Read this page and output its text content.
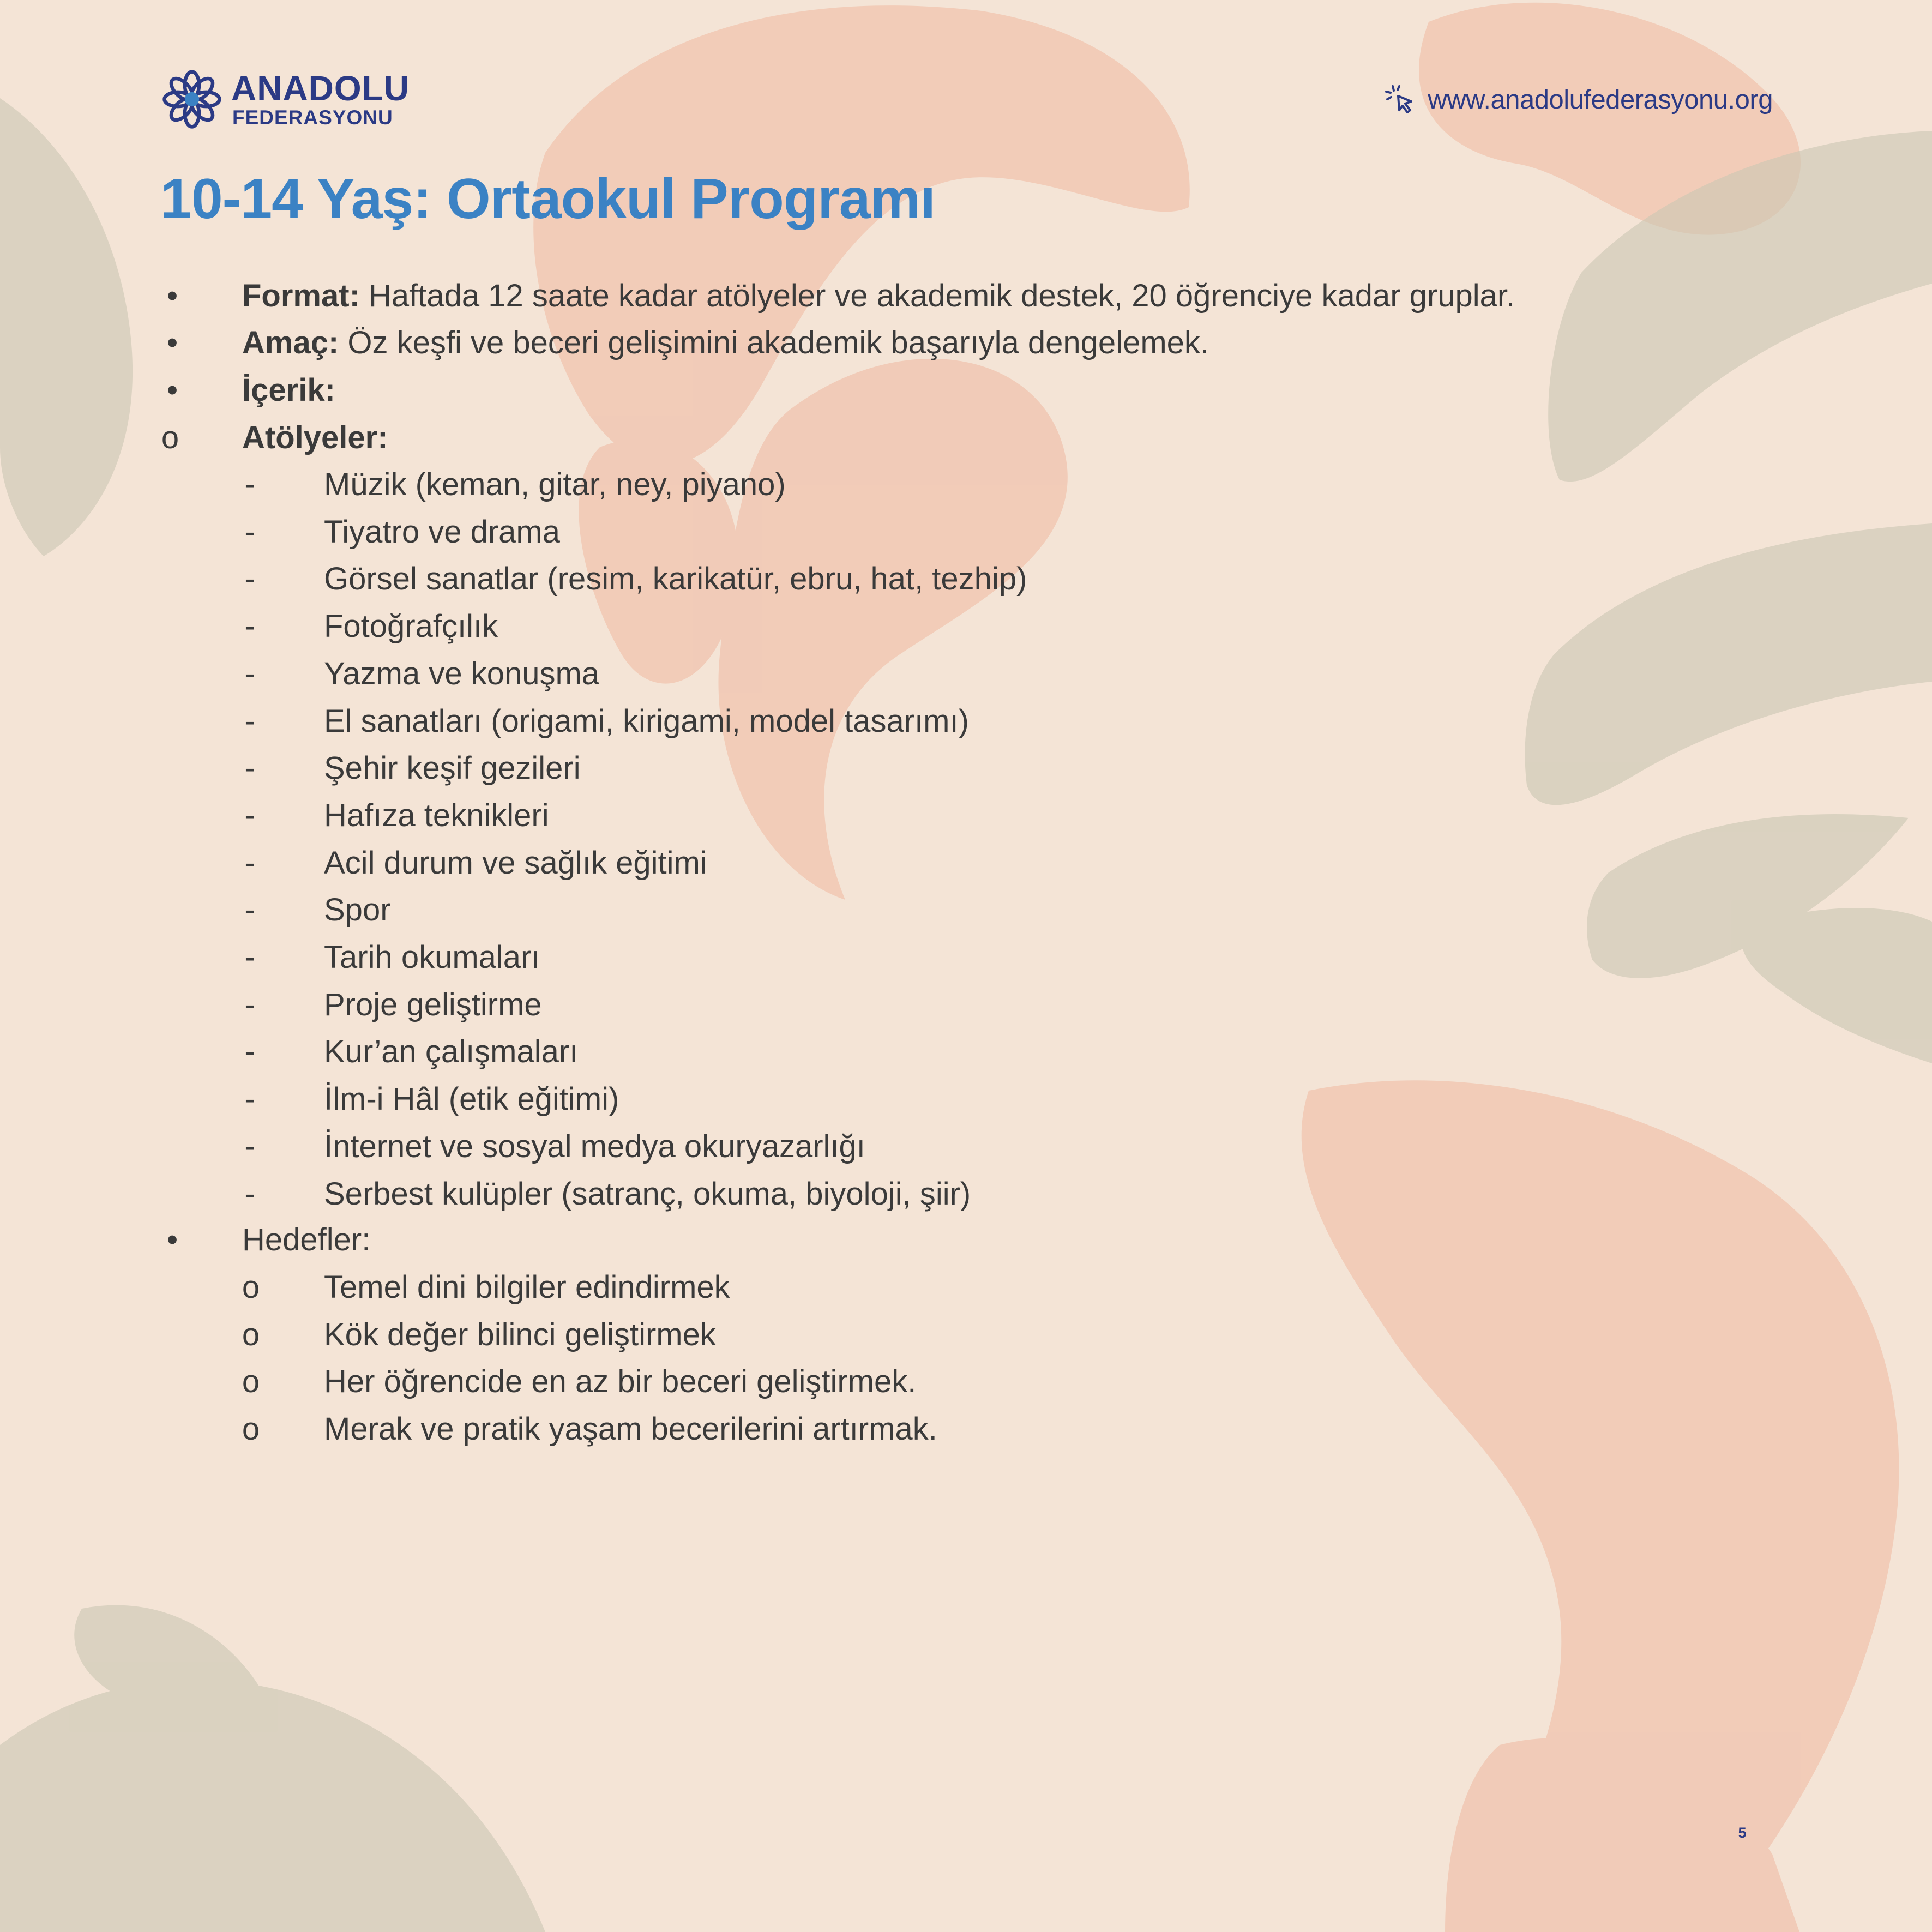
ANADOLU
FEDERASYONU
www.anadolufederasyonu.org
10-14 Yaş: Ortaokul Programı
•	Format: Haftada 12 saate kadar atölyeler ve akademik destek, 20 öğrenciye kadar gruplar.
•	Amaç: Öz keşfi ve beceri gelişimini akademik başarıyla dengelemek.
•	İçerik:
o Atölyeler:
-	Müzik (keman, gitar, ney, piyano)
-	Tiyatro ve drama
-	Görsel sanatlar (resim, karikatür, ebru, hat, tezhip)
-	Fotoğrafçılık
-	Yazma ve konuşma
-	El sanatları (origami, kirigami, model tasarımı)
-	Şehir keşif gezileri
-	Hafıza teknikleri
-	Acil durum ve sağlık eğitimi
-	Spor
-	Tarih okumaları
-	Proje geliştirme
-	Kur’an çalışmaları
-	İlm-i Hâl (etik eğitimi)
-	İnternet ve sosyal medya okuryazarlığı
-	Serbest kulüpler (satranç, okuma, biyoloji, şiir)
•	Hedefler:
o Temel dini bilgiler edindirmek
o Kök değer bilinci geliştirmek
o Her öğrencide en az bir beceri geliştirmek.
o Merak ve pratik yaşam becerilerini artırmak.
5
